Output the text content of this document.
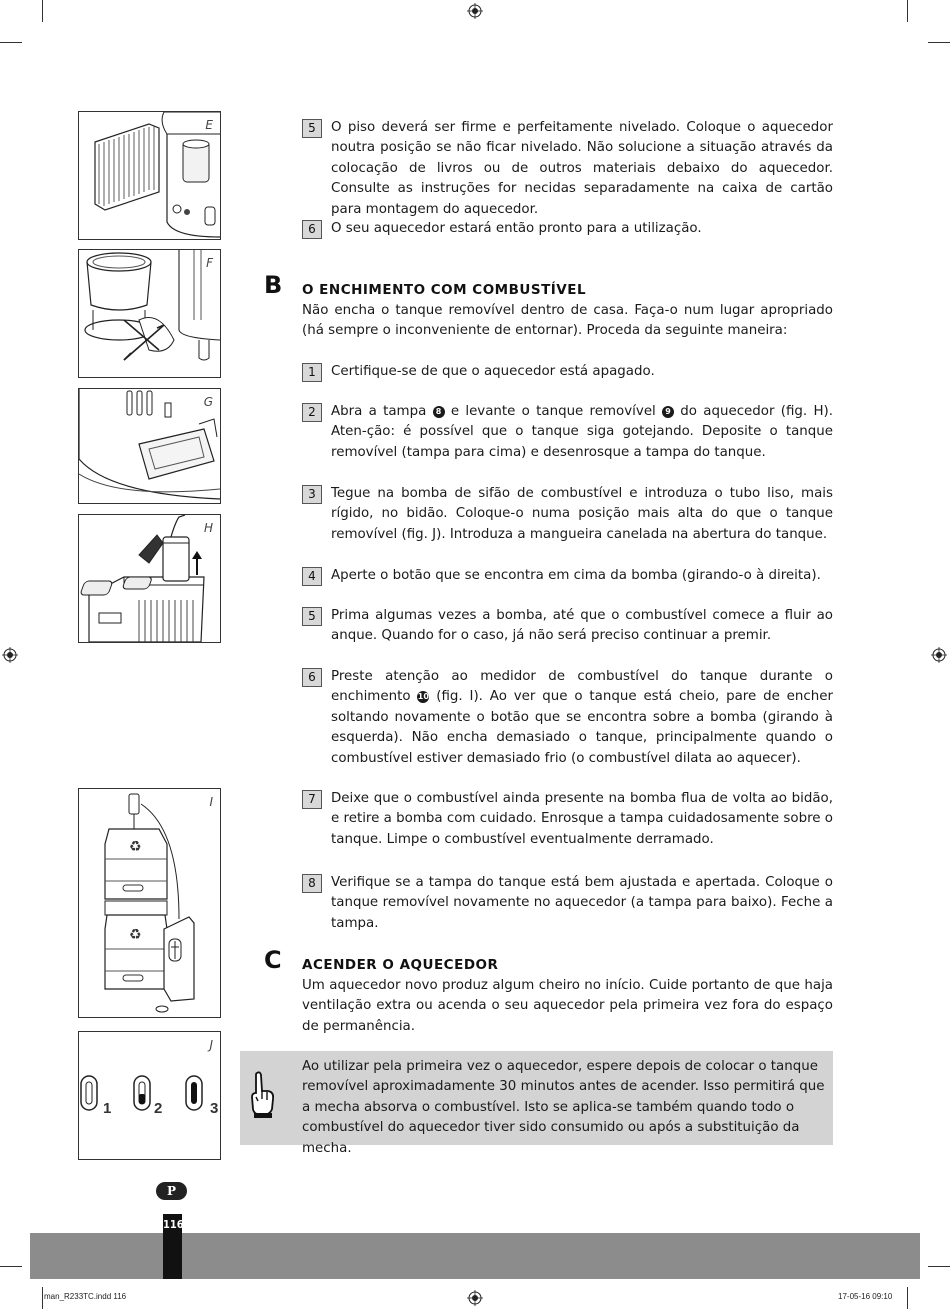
E
F
G
H
I
♻
♻
J
1	2	3
5	O piso deverá ser firme e perfeitamente nivelado. Coloque o aquecedor noutra posição se não ficar nivelado. Não solucione a situação através da colocação de livros ou de outros materiais debaixo do aquecedor. Consulte as instruções for necidas separadamente na caixa de cartão para montagem do aquecedor.
6	O seu aquecedor estará então pronto para a utilização.
B O ENCHIMENTO COM COMBUSTÍVEL
Não encha o tanque removível dentro de casa. Faça-o num lugar apropriado (há sempre o inconveniente de entornar). Proceda da seguinte maneira:
1	Certifique-se de que o aquecedor está apagado.
2	Abra a tampa 8 e levante o tanque removível 9 do aquecedor (fig. H). Aten-ção: é possível que o tanque siga gotejando. Deposite o tanque removível (tampa para cima) e desenrosque a tampa do tanque.
3	Tegue na bomba de sifão de combustível e introduza o tubo liso, mais rígido, no bidão. Coloque-o numa posição mais alta do que o tanque removível (fig. J). Introduza a mangueira canelada na abertura do tanque.
4	Aperte o botão que se encontra em cima da bomba (girando-o à direita).
5	Prima algumas vezes a bomba, até que o combustível comece a fluir ao anque. Quando for o caso, já não será preciso continuar a premir.
6	Preste atenção ao medidor de combustível do tanque durante o enchimento 10 (fig. I). Ao ver que o tanque está cheio, pare de encher soltando novamente o botão que se encontra sobre a bomba (girando à esquerda). Não encha demasiado o tanque, principalmente quando o combustível estiver demasiado frio (o combustível dilata ao aquecer).
7	Deixe que o combustível ainda presente na bomba flua de volta ao bidão, e retire a bomba com cuidado. Enrosque a tampa cuidadosamente sobre o tanque. Limpe o combustível eventualmente derramado.
8	Verifique se a tampa do tanque está bem ajustada e apertada. Coloque o tanque removível novamente no aquecedor (a tampa para baixo). Feche a tampa.
C ACENDER O AQUECEDOR
Um aquecedor novo produz algum cheiro no início. Cuide portanto de que haja ventilação extra ou acenda o seu aquecedor pela primeira vez fora do espaço de permanência.
Ao utilizar pela primeira vez o aquecedor, espere depois de colocar o tanque removível aproximadamente 30 minutos antes de acender. Isso permitirá que a mecha absorva o combustível. Isto se aplica-se também quando todo o combustível do aquecedor tiver sido consumido ou após a substituição da mecha.
P
116
man_R233TC.indd 116	17-05-16 09:10
